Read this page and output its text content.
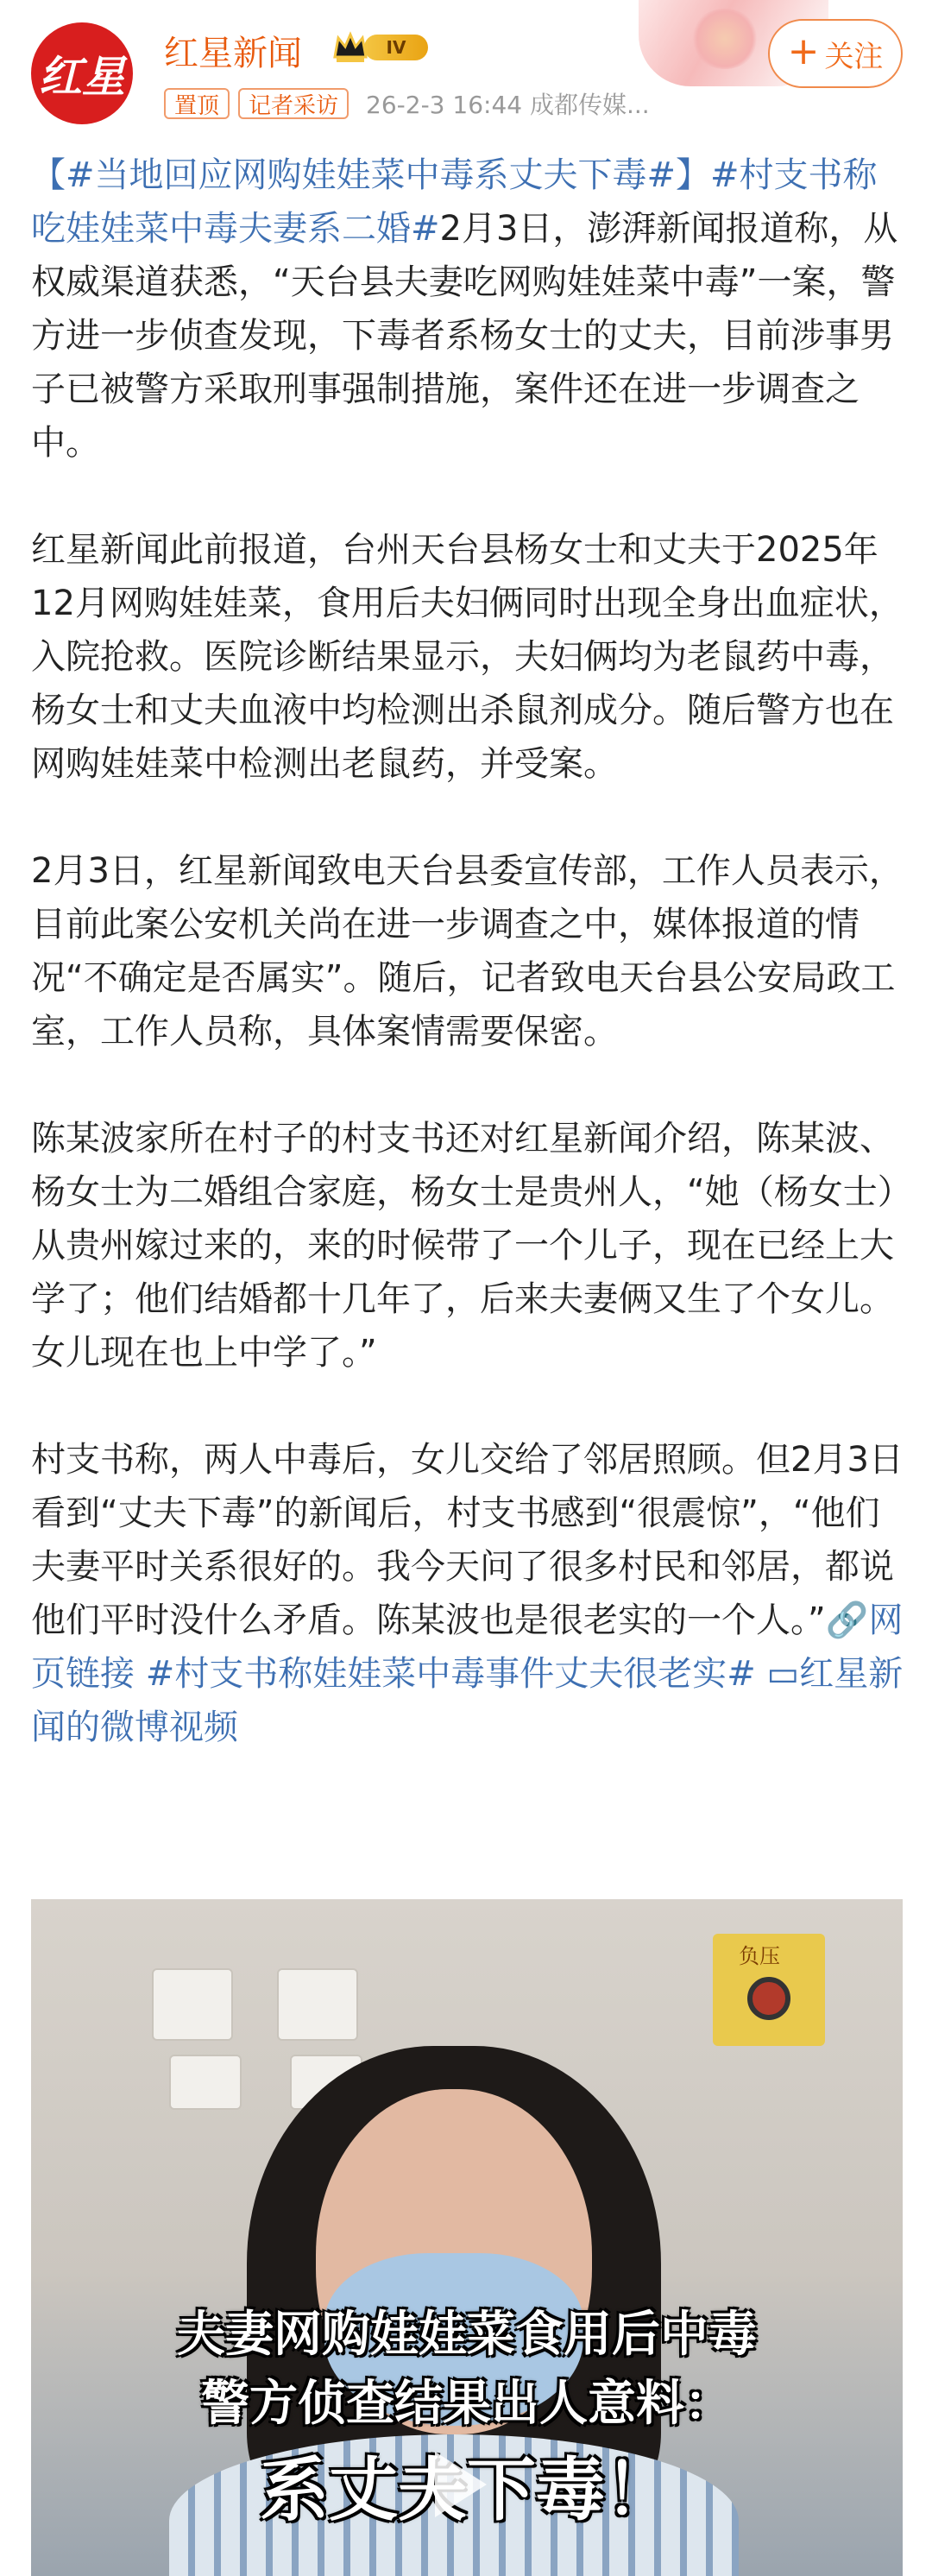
红星 红星新闻	IV	+ 关注
置顶	记者采访	26-2-3 16:44 成都传媒...

【#当地回应网购娃娃菜中毒系丈夫下毒#】#村支书称吃娃娃菜中毒夫妻系二婚#2月3日，澎湃新闻报道称，从权威渠道获悉，“天台县夫妻吃网购娃娃菜中毒”一案，警方进一步侦查发现，下毒者系杨女士的丈夫，目前涉事男子已被警方采取刑事强制措施，案件还在进一步调查之中。

红星新闻此前报道，台州天台县杨女士和丈夫于2025年12月网购娃娃菜，食用后夫妇俩同时出现全身出血症状，入院抢救。医院诊断结果显示，夫妇俩均为老鼠药中毒，杨女士和丈夫血液中均检测出杀鼠剂成分。随后警方也在网购娃娃菜中检测出老鼠药，并受案。

2月3日，红星新闻致电天台县委宣传部，工作人员表示，目前此案公安机关尚在进一步调查之中，媒体报道的情况“不确定是否属实”。随后，记者致电天台县公安局政工室，工作人员称，具体案情需要保密。

陈某波家所在村子的村支书还对红星新闻介绍，陈某波、杨女士为二婚组合家庭，杨女士是贵州人，“她（杨女士）从贵州嫁过来的，来的时候带了一个儿子，现在已经上大学了；他们结婚都十几年了，后来夫妻俩又生了个女儿。女儿现在也上中学了。”

村支书称，两人中毒后，女儿交给了邻居照顾。但2月3日看到“丈夫下毒”的新闻后，村支书感到“很震惊”，“他们夫妻平时关系很好的。我今天问了很多村民和邻居，都说他们平时没什么矛盾。陈某波也是很老实的一个人。”🔗网页链接 #村支书称娃娃菜中毒事件丈夫很老实# ▭红星新闻的微博视频

负压
夫妻网购娃娃菜食用后中毒
警方侦查结果出人意料：
系丈夫下毒！
